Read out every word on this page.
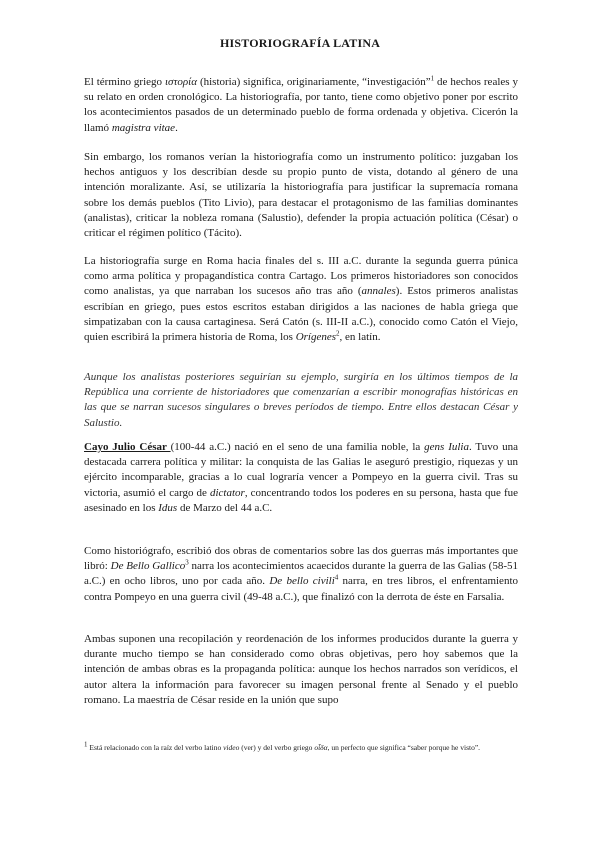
HISTORIOGRAFÍA LATINA

El término griego ιστορία (historia) significa, originariamente, “investigación”$^1$ de hechos reales y su relato en orden cronológico. La historiografía, por tanto, tiene como objetivo poner por escrito los acontecimientos pasados de un determinado pueblo de forma ordenada y objetiva. Cicerón la llamó magistra vitae.

Sin embargo, los romanos verían la historiografía como un instrumento político: juzgaban los hechos antiguos y los describían desde su propio punto de vista, dotando al género de una intención moralizante. Así, se utilizaría la historiografía para justificar la supremacía romana sobre los demás pueblos (Tito Livio), para destacar el protagonismo de las familias dominantes (analistas), criticar la nobleza romana (Salustio), defender la propia actuación política (César) o criticar el régimen político (Tácito).

La historiografía surge en Roma hacia finales del s. III a.C. durante la segunda guerra púnica como arma política y propagandística contra Cartago. Los primeros historiadores son conocidos como analistas, ya que narraban los sucesos año tras año (annales). Estos primeros analistas escribían en griego, pues estos escritos estaban dirigidos a las naciones de habla griega que simpatizaban con la causa cartaginesa. Será Catón (s. III-II a.C.), conocido como Catón el Viejo, quien escribirá la primera historia de Roma, los Orígenes$^2$, en latín.

Aunque los analistas posteriores seguirían su ejemplo, surgiría en los últimos tiempos de la República una corriente de historiadores que comenzarían a escribir monografías históricas en las que se narran sucesos singulares o breves períodos de tiempo. Entre ellos destacan César y Salustio.

Cayo Julio César (100-44 a.C.) nació en el seno de una familia noble, la gens Iulia. Tuvo una destacada carrera política y militar: la conquista de las Galias le aseguró prestigio, riquezas y un ejército incomparable, gracias a lo cual lograría vencer a Pompeyo en la guerra civil. Tras su victoria, asumió el cargo de dictator, concentrando todos los poderes en su persona, hasta que fue asesinado en los Idus de Marzo del 44 a.C.

Como historiógrafo, escribió dos obras de comentarios sobre las dos guerras más importantes que libró: De Bello Gallico$^3$ narra los acontecimientos acaecidos durante la guerra de las Galias (58-51 a.C.) en ocho libros, uno por cada año. De bello civili$^4$ narra, en tres libros, el enfrentamiento contra Pompeyo en una guerra civil (49-48 a.C.), que finalizó con la derrota de éste en Farsalia.

Ambas suponen una recopilación y reordenación de los informes producidos durante la guerra y durante mucho tiempo se han considerado como obras objetivas, pero hoy sabemos que la intención de ambas obras es la propaganda política: aunque los hechos narrados son verídicos, el autor altera la información para favorecer su imagen personal frente al Senado y el pueblo romano. La maestría de César reside en la unión que supo

$^1$ Está relacionado con la raíz del verbo latino video (ver) y del verbo griego οἶδα, un perfecto que significa “saber porque he visto”.
